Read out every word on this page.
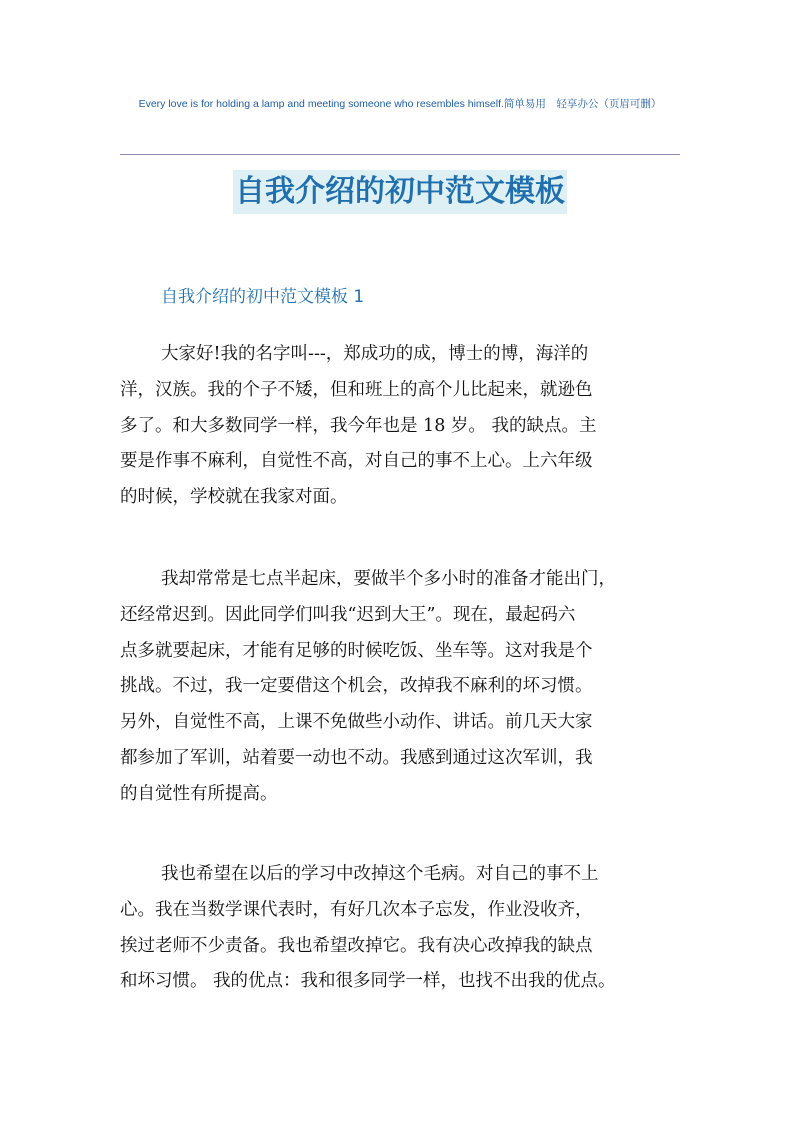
Every love is for holding a lamp and meeting someone who resembles himself.简单易用　轻享办公（页眉可删）
自我介绍的初中范文模板
自我介绍的初中范文模板 1
大家好!我的名字叫---，郑成功的成，博士的博，海洋的
洋，汉族。我的个子不矮，但和班上的高个儿比起来，就逊色
多了。和大多数同学一样，我今年也是 18 岁。 我的缺点。主
要是作事不麻利，自觉性不高，对自己的事不上心。上六年级
的时候，学校就在我家对面。
我却常常是七点半起床，要做半个多小时的准备才能出门，
还经常迟到。因此同学们叫我“迟到大王”。现在，最起码六
点多就要起床，才能有足够的时候吃饭、坐车等。这对我是个
挑战。不过，我一定要借这个机会，改掉我不麻利的坏习惯。
另外，自觉性不高，上课不免做些小动作、讲话。前几天大家
都参加了军训，站着要一动也不动。我感到通过这次军训，我
的自觉性有所提高。
我也希望在以后的学习中改掉这个毛病。对自己的事不上
心。我在当数学课代表时，有好几次本子忘发，作业没收齐，
挨过老师不少责备。我也希望改掉它。我有决心改掉我的缺点
和坏习惯。 我的优点：我和很多同学一样，也找不出我的优点。
